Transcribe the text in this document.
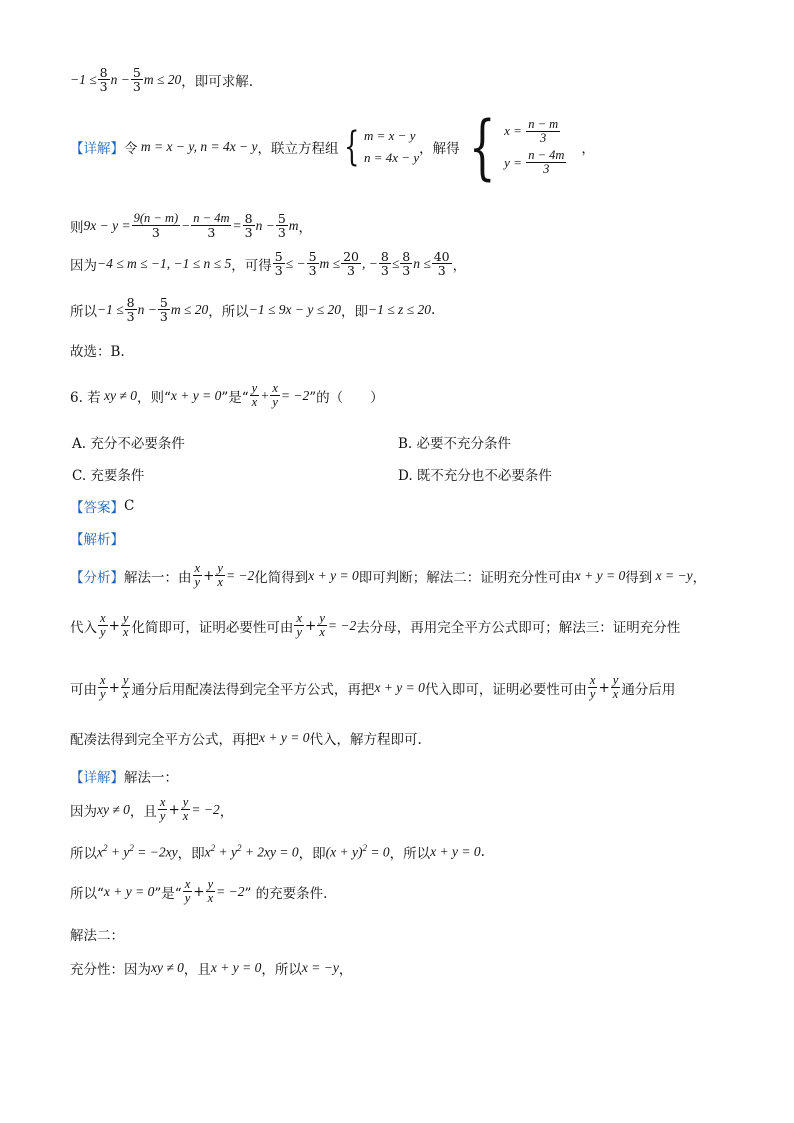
$-1 \le \frac{8}{3}$ $n - \frac{5}{3}$ m ≤ 20 ，即可求解.
【详解】 令 m = x − y, n = 4x − y ，联立方程组 { m = x − y
n = 4x − y
，解得 { x =
$\frac{n - m}{3}$
y =
$\frac{n - 4m}{3}$ ，
则 $9x - y = \frac{9(n - m)}{3} - \frac{n - 4m}{3} = \frac{8}{3}$ $n - \frac{5}{3}$ m ，
因为 −4 ≤ m ≤ −1, −1 ≤ n ≤ 5 ，可得 $\frac{5}{3}$ ≤ − $\frac{5}{3}$ $m \le \frac{20}{3}$ , − $\frac{8}{3} \le \frac{8}{3}$ $n \le \frac{40}{3}$ ，
所以 $-1 \le \frac{8}{3}$ $n - \frac{5}{3}$ m ≤ 20 ，所以 −1 ≤ 9x − y ≤ 20 ，即 −1 ≤ z ≤ 20 .
故选：B.
6. 若 xy ≠ 0 ，则“ x + y = 0 ”是“
y
$x + \frac{x}{y} = -2$ ”的（　　）
A. 充分不必要条件	B. 必要不充分条件
C. 充要条件	D. 既不充分也不必要条件
【答案】 C
【解析】
【分析】 解法一：由
x
$y + \frac{y}{x} = -2$ 化简得到 x + y = 0 即可判断；解法二：证明充分性可由 x + y = 0 得到 x = −y ，
代入
x
y + y
x 化简即可，证明必要性可由
x
$y + \frac{y}{x} = -2$ 去分母，再用完全平方公式即可；解法三：证明充分性
可由
x
y + y
x 通分后用配凑法得到完全平方公式，再把 x + y = 0 代入即可，证明必要性可由
x
y + y
x 通分后用
配凑法得到完全平方公式，再把 x + y = 0 代入，解方程即可.
【详解】 解法一：
因为 xy ≠ 0 ，且
x
$y + \frac{y}{x} = -2$ ，
所以 $x^2 + y^2 = -2xy$ ，即 $x^2 + y^2 + 2xy = 0$ ，即 $(x + y)^2 = 0$ ，所以 x + y = 0 .
所以“ x + y = 0 ”是“
x
$y + \frac{y}{x} = -2$ ” 的充要条件.
解法二：
充分性：因为 xy ≠ 0 ，且 x + y = 0 ，所以 x = −y ，
